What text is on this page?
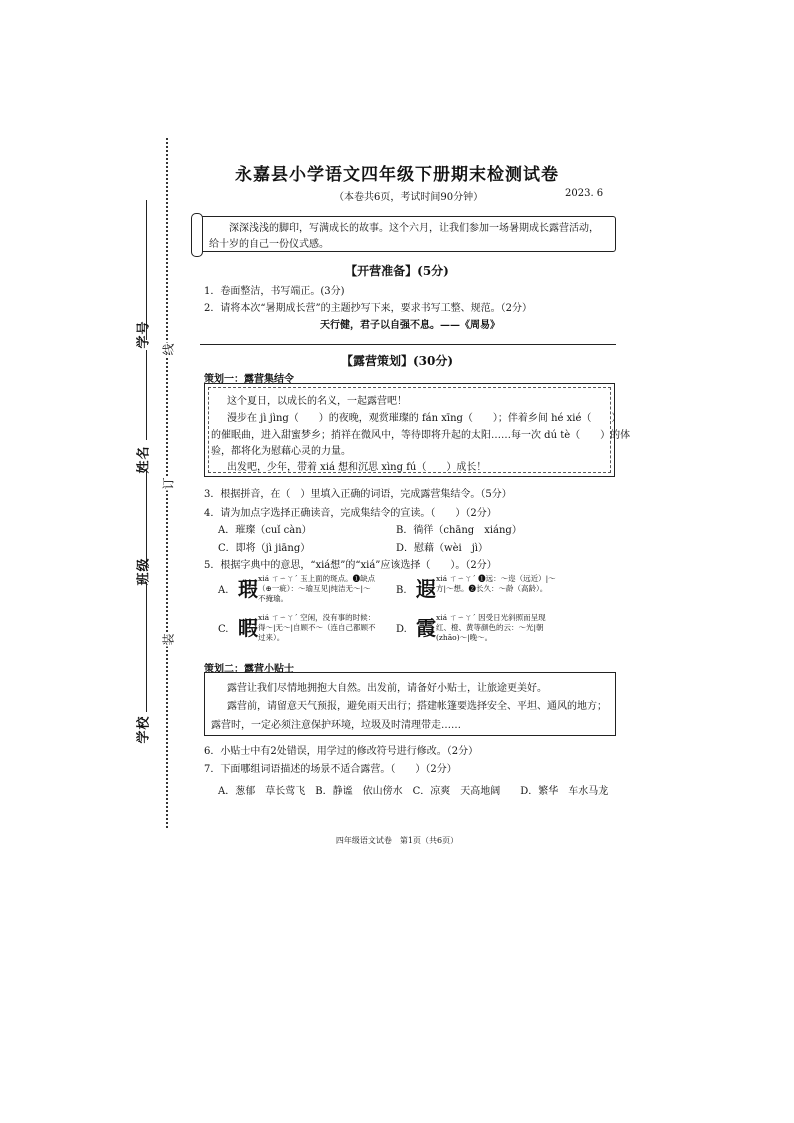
学号
姓名
班级
学校
线
订
装
永嘉县小学语文四年级下册期末检测试卷
（本卷共6页，考试时间90分钟）	2023. 6
深深浅浅的脚印，写满成长的故事。这个六月，让我们参加一场暑期成长露营活动，
给十岁的自己一份仪式感。
【开营准备】(5分)
1．卷面整洁，书写端正。(3分)
2．请将本次“暑期成长营”的主题抄写下来，要求书写工整、规范。（2分）
天行健，君子以自强不息。——《周易》
【露营策划】(30分)
策划一：露营集结令
这个夏日，以成长的名义，一起露营吧！
漫步在 jì jìng（　　）的夜晚，观赏璀璨的 fán xīng（　　）；伴着乡间 hé xié（　　）
的催眠曲，进入甜蜜梦乡；捎祥在微风中，等待即将升起的太阳……每一次 dú tè（　　）的体
验，都将化为慰藉心灵的力量。
出发吧，少年，带着 xiá 想和沉思 xìng fú（　　）成长！
3．根据拼音，在（　）里填入正确的词语，完成露营集结令。（5分）
4．请为加点字选择正确读音，完成集结令的宣读。（　　）（2分）
A．璀璨（cuǐ càn）	B．徜徉（chāng　xiáng）
C．即将（jì jiāng）	D．慰藉（wèi　jì）
5．根据字典中的意思，“xiá想”的“xiá”应该选择（　　）。（2分）
A. 瑕 xiá ㄒㄧㄚˊ 玉上面的斑点。❶缺点（⊕一疵）：～瑜互见|纯洁无～|～不掩瑜。
B. 遐 xiá ㄒㄧㄚˊ ❶远：～迩（远近）|～方|～想。❷长久：～龄（高龄）。
C. 暇 xiá ㄒㄧㄚˊ 空闲，没有事的时候：得～|无～|自顾不～（连自己都顾不过来）。
D. 霞 xiá ㄒㄧㄚˊ 因受日光斜照而呈现红、橙、黄等颜色的云：～光|朝(zhāo)～|晚～。
策划二：露营小贴士
露营让我们尽情地拥抱大自然。出发前，请备好小贴士，让旅途更美好。
露营前，请留意天气预报，避免雨天出行；搭建帐篷要选择安全、平坦、通风的地方；
露营时，一定必须注意保护环境，垃圾及时清理带走……
6．小贴士中有2处错误，用学过的修改符号进行修改。（2分）
7．下面哪组词语描述的场景不适合露营。（　　）（2分）
A．葱郁　草长莺飞　B．静谧　依山傍水　C．凉爽　天高地阔　　D．繁华　车水马龙
四年级语文试卷　第1页（共6页）
